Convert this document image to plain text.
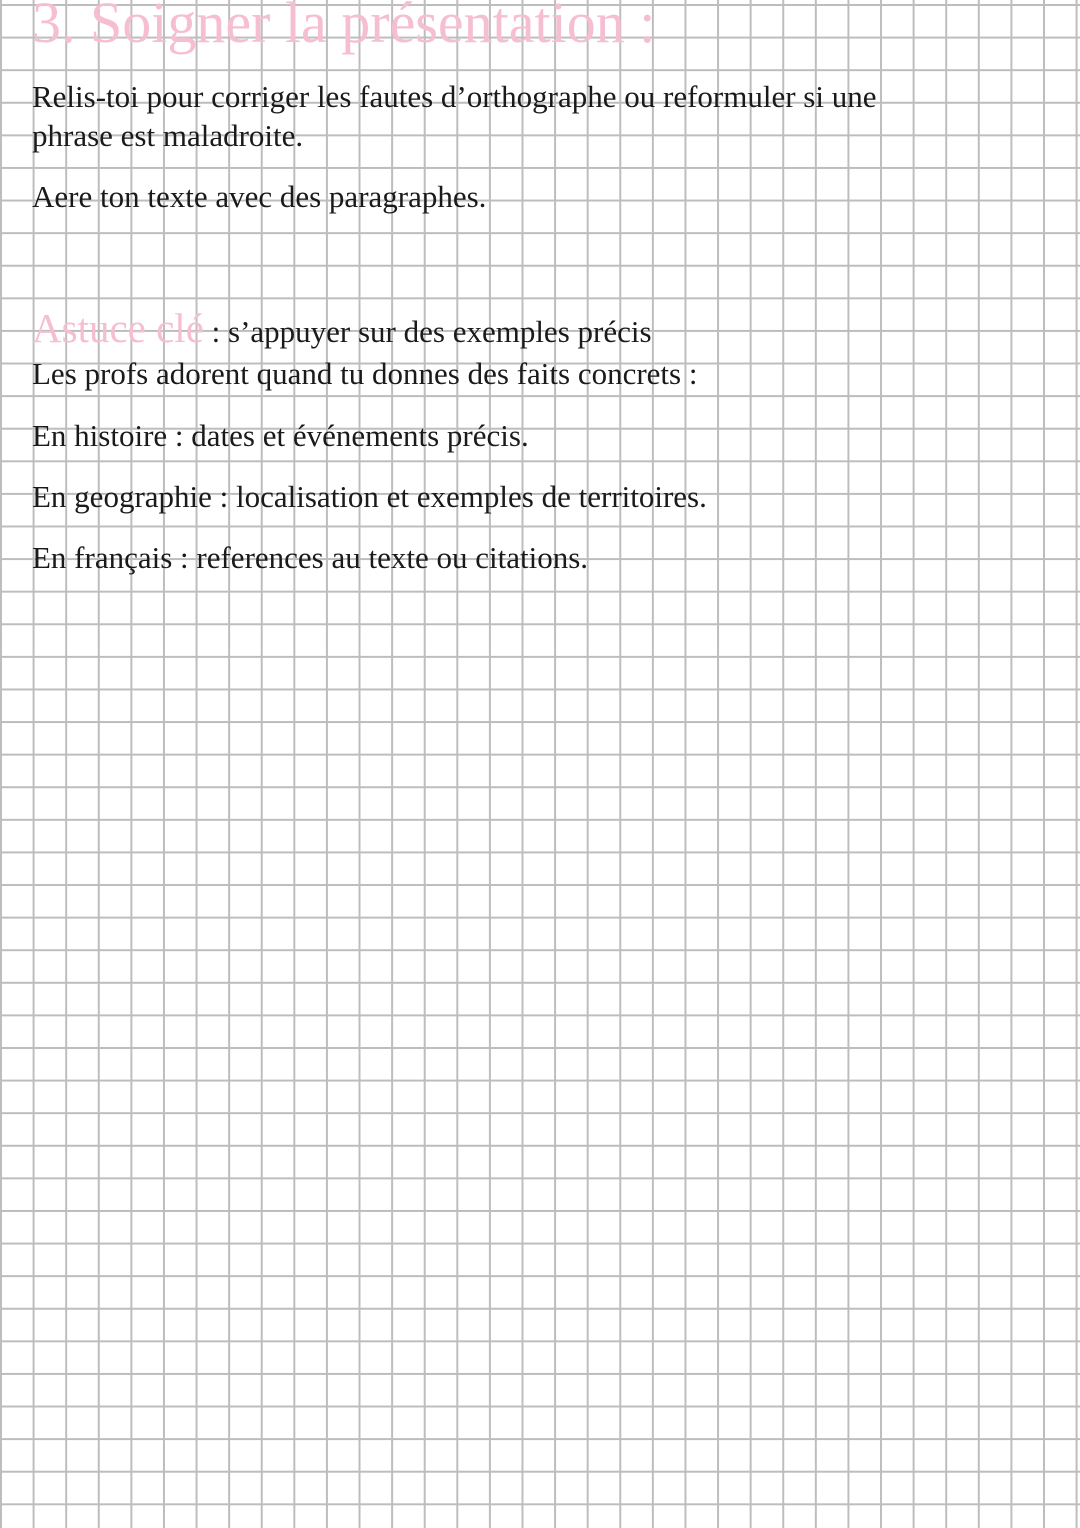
3. Soigner la présentation :

Relis-toi pour corriger les fautes d’orthographe ou reformuler si une

phrase est maladroite.

Aere ton texte avec des paragraphes.

Astuce clé : s’appuyer sur des exemples précis

Les profs adorent quand tu donnes des faits concrets :

En histoire : dates et événements précis.

En geographie : localisation et exemples de territoires.

En français : references au texte ou citations.
